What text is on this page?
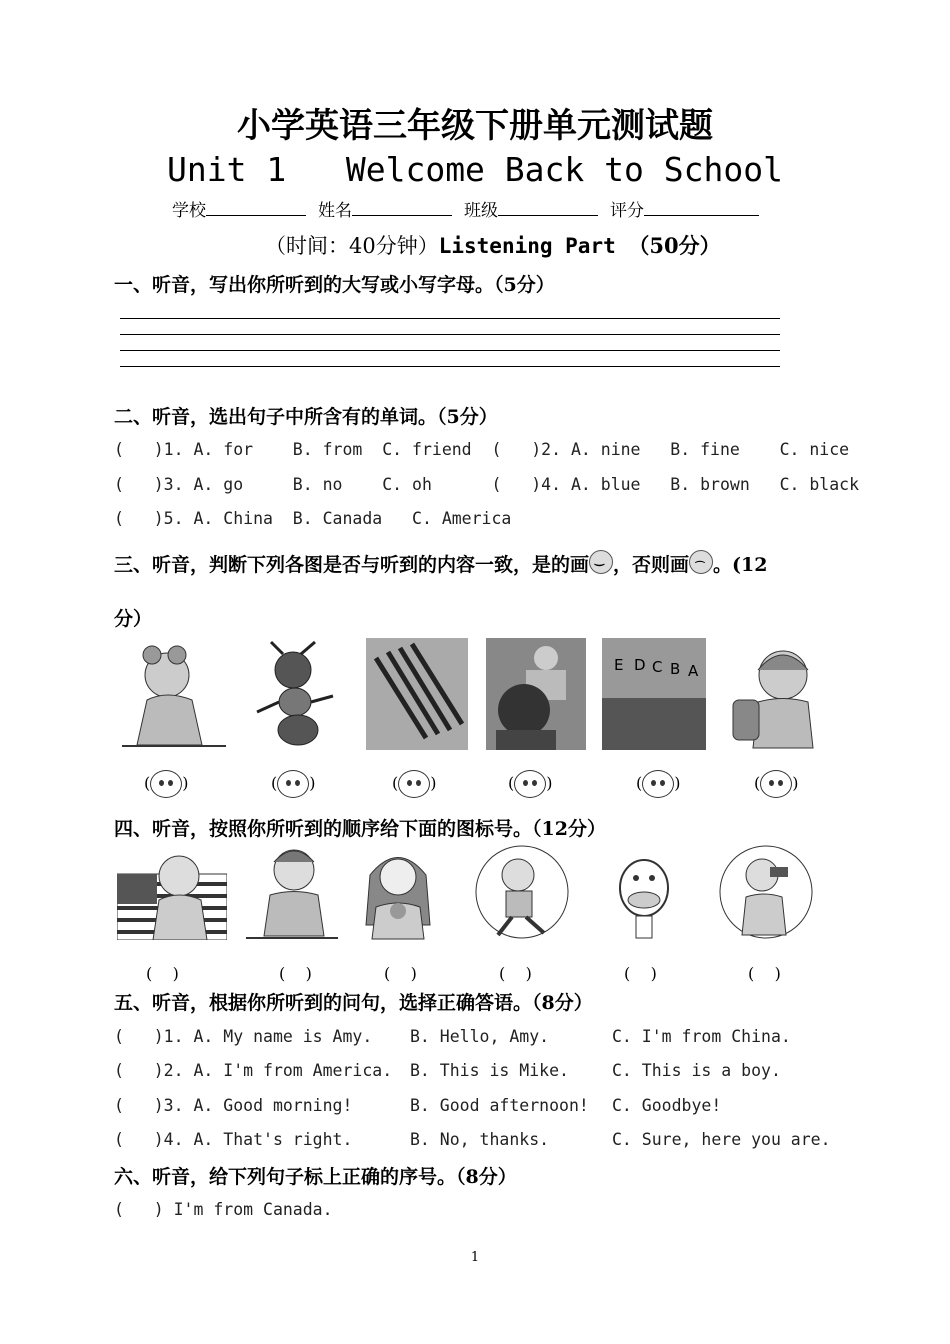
小学英语三年级下册单元测试题
Unit 1   Welcome Back to School
学校	姓名	班级	评分
（时间：40分钟）Listening Part （50分）
一、听音，写出你所听到的大写或小写字母。（5分）
二、听音，选出句子中所含有的单词。（5分）
(   )1. A. for    B. from  C. friend  (   )2. A. nine   B. fine    C. nice
(   )3. A. go     B. no    C. oh      (   )4. A. blue   B. brown   C. black
(   )5. A. China  B. Canada   C. America
三、听音，判断下列各图是否与听到的内容一致，是的画 ‿ ，否则画 ⌒ 。(12
分）
E D C B A
( )	( )	( )	( )	( )	( )
四、听音，按照你所听到的顺序给下面的图标号。（12分）
(    )	(    )	(    )	(    )	(    )	(    )
五、听音，根据你所听到的问句，选择正确答语。（8分）
(   )1. A. My name is Amy. B. Hello, Amy.	C. I'm from China.
(   )2. A. I'm from America. B. This is Mike.	C. This is a boy.
(   )3. A. Good morning!	B. Good afternoon! C. Goodbye!
(   )4. A. That's right.	B. No, thanks.	C. Sure, here you are.
六、听音，给下列句子标上正确的序号。（8分）
(   ) I'm from Canada.
1
